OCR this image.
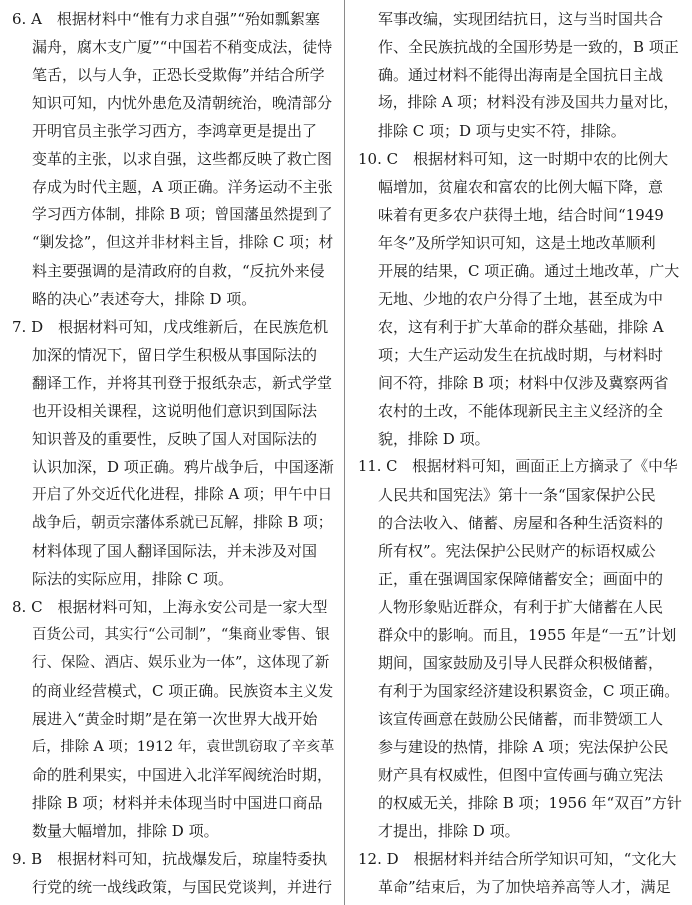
6. A　根据材料中“惟有力求自强”“殆如瓢絮塞
漏舟，腐木支广厦”“中国若不稍变成法，徒恃
笔舌，以与人争，正恐长受欺侮”并结合所学
知识可知，内忧外患危及清朝统治，晚清部分
开明官员主张学习西方，李鸿章更是提出了
变革的主张，以求自强，这些都反映了救亡图
存成为时代主题，A 项正确。洋务运动不主张
学习西方体制，排除 B 项；曾国藩虽然提到了
“剿发捻”，但这并非材料主旨，排除 C 项；材
料主要强调的是清政府的自救，“反抗外来侵
略的决心”表述夸大，排除 D 项。
7. D　根据材料可知，戊戌维新后，在民族危机
加深的情况下，留日学生积极从事国际法的
翻译工作，并将其刊登于报纸杂志，新式学堂
也开设相关课程，这说明他们意识到国际法
知识普及的重要性，反映了国人对国际法的
认识加深，D 项正确。鸦片战争后，中国逐渐
开启了外交近代化进程，排除 A 项；甲午中日
战争后，朝贡宗藩体系就已瓦解，排除 B 项；
材料体现了国人翻译国际法，并未涉及对国
际法的实际应用，排除 C 项。
8. C　根据材料可知，上海永安公司是一家大型
百货公司，其实行“公司制”，“集商业零售、银
行、保险、酒店、娱乐业为一体”，这体现了新
的商业经营模式，C 项正确。民族资本主义发
展进入“黄金时期”是在第一次世界大战开始
后，排除 A 项；1912 年，袁世凯窃取了辛亥革
命的胜利果实，中国进入北洋军阀统治时期，
排除 B 项；材料并未体现当时中国进口商品
数量大幅增加，排除 D 项。
9. B　根据材料可知，抗战爆发后，琼崖特委执
行党的统一战线政策，与国民党谈判，并进行
军事改编，实现团结抗日，这与当时国共合
作、全民族抗战的全国形势是一致的，B 项正
确。通过材料不能得出海南是全国抗日主战
场，排除 A 项；材料没有涉及国共力量对比，
排除 C 项；D 项与史实不符，排除。
10. C　根据材料可知，这一时期中农的比例大
幅增加，贫雇农和富农的比例大幅下降，意
味着有更多农户获得土地，结合时间“1949
年冬”及所学知识可知，这是土地改革顺利
开展的结果，C 项正确。通过土地改革，广大
无地、少地的农户分得了土地，甚至成为中
农，这有利于扩大革命的群众基础，排除 A
项；大生产运动发生在抗战时期，与材料时
间不符，排除 B 项；材料中仅涉及冀察两省
农村的土改，不能体现新民主主义经济的全
貌，排除 D 项。
11. C　根据材料可知，画面正上方摘录了《中华
人民共和国宪法》第十一条“国家保护公民
的合法收入、储蓄、房屋和各种生活资料的
所有权”。宪法保护公民财产的标语权威公
正，重在强调国家保障储蓄安全；画面中的
人物形象贴近群众，有利于扩大储蓄在人民
群众中的影响。而且，1955 年是“一五”计划
期间，国家鼓励及引导人民群众积极储蓄，
有利于为国家经济建设积累资金，C 项正确。
该宣传画意在鼓励公民储蓄，而非赞颂工人
参与建设的热情，排除 A 项；宪法保护公民
财产具有权威性，但图中宣传画与确立宪法
的权威无关，排除 B 项；1956 年“双百”方针
才提出，排除 D 项。
12. D　根据材料并结合所学知识可知，“文化大
革命”结束后，为了加快培养高等人才，满足
